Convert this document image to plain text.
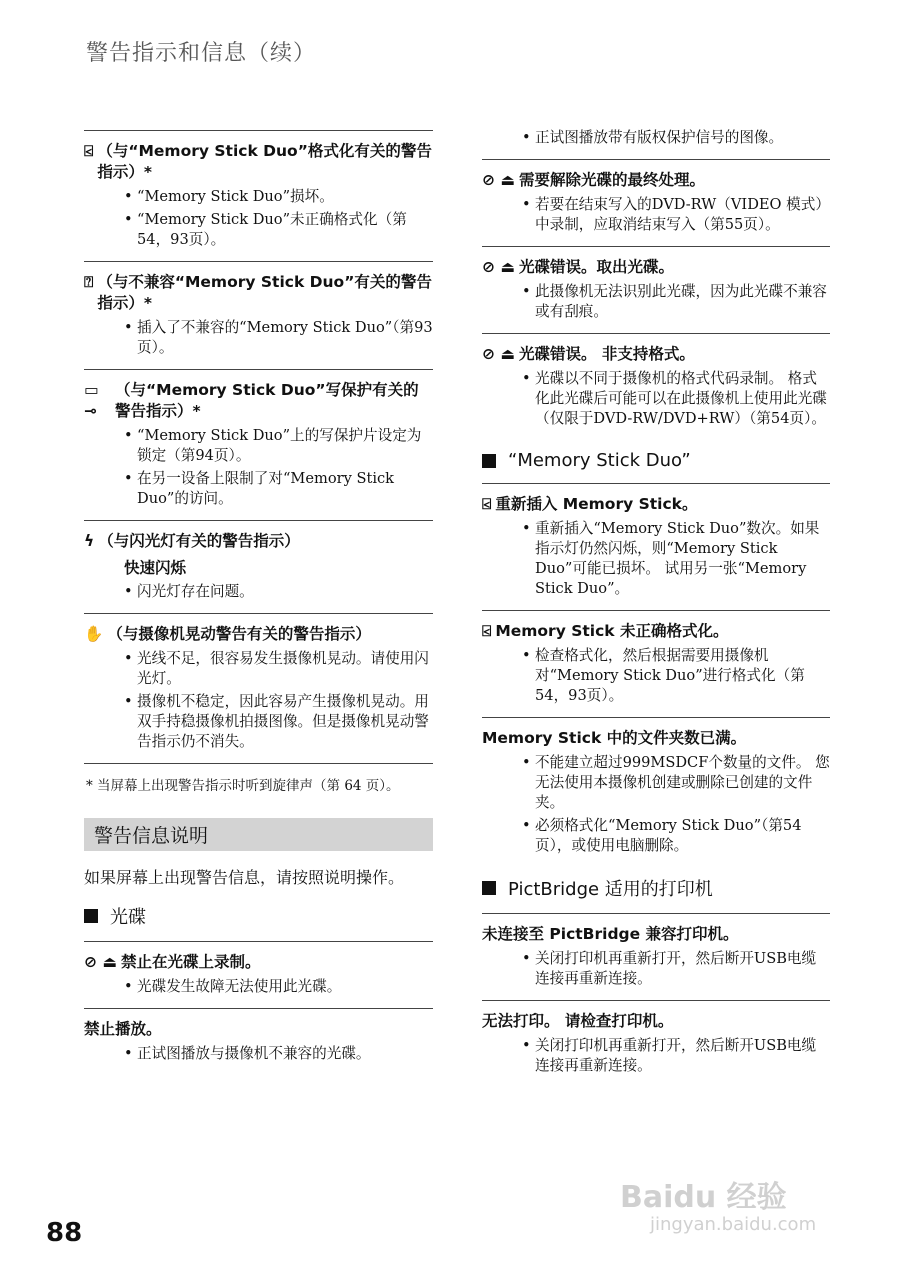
警告指示和信息（续）
⍃ （与“Memory Stick Duo”格式化有关的警告指示）*
• “Memory Stick Duo”损坏。
• “Memory Stick Duo”未正确格式化（第54，93页）。
⍰ （与不兼容“Memory Stick Duo”有关的警告指示）*
• 插入了不兼容的“Memory Stick Duo”（第93页）。
▭ ⊸
（与“Memory Stick Duo”写保护有关的警告指示）*
• “Memory Stick Duo”上的写保护片设定为锁定（第94页）。
• 在另一设备上限制了对“Memory Stick Duo”的访问。
ϟ （与闪光灯有关的警告指示）
快速闪烁
• 闪光灯存在问题。
✋ （与摄像机晃动警告有关的警告指示）
• 光线不足，很容易发生摄像机晃动。请使用闪光灯。
• 摄像机不稳定，因此容易产生摄像机晃动。用双手持稳摄像机拍摄图像。但是摄像机晃动警告指示仍不消失。
* 当屏幕上出现警告指示时听到旋律声（第 64 页）。
警告信息说明
如果屏幕上出现警告信息，请按照说明操作。
光碟
⊘ ⏏ 禁止在光碟上录制。
• 光碟发生故障无法使用此光碟。
禁止播放。
• 正试图播放与摄像机不兼容的光碟。
• 正试图播放带有版权保护信号的图像。
⊘ ⏏ 需要解除光碟的最终处理。
• 若要在结束写入的DVD-RW（VIDEO 模式）中录制，应取消结束写入（第55页）。
⊘ ⏏ 光碟错误。取出光碟。
• 此摄像机无法识别此光碟，因为此光碟不兼容或有刮痕。
⊘ ⏏ 光碟错误。 非支持格式。
• 光碟以不同于摄像机的格式代码录制。 格式化此光碟后可能可以在此摄像机上使用此光碟（仅限于DVD-RW/DVD+RW）（第54页）。
“Memory Stick Duo”
⍃ 重新插入 Memory Stick。
• 重新插入“Memory Stick Duo”数次。如果指示灯仍然闪烁，则“Memory Stick Duo”可能已损坏。 试用另一张“Memory Stick Duo”。
⍃ Memory Stick 未正确格式化。
• 检查格式化，然后根据需要用摄像机对“Memory Stick Duo”进行格式化（第54，93页）。
Memory Stick 中的文件夹数已满。
• 不能建立超过999MSDCF个数量的文件。 您无法使用本摄像机创建或删除已创建的文件夹。
• 必须格式化“Memory Stick Duo”（第54页），或使用电脑删除。
PictBridge 适用的打印机
未连接至 PictBridge 兼容打印机。
• 关闭打印机再重新打开，然后断开USB电缆连接再重新连接。
无法打印。 请检查打印机。
• 关闭打印机再重新打开，然后断开USB电缆连接再重新连接。
88
Baidu 经验
jingyan.baidu.com
